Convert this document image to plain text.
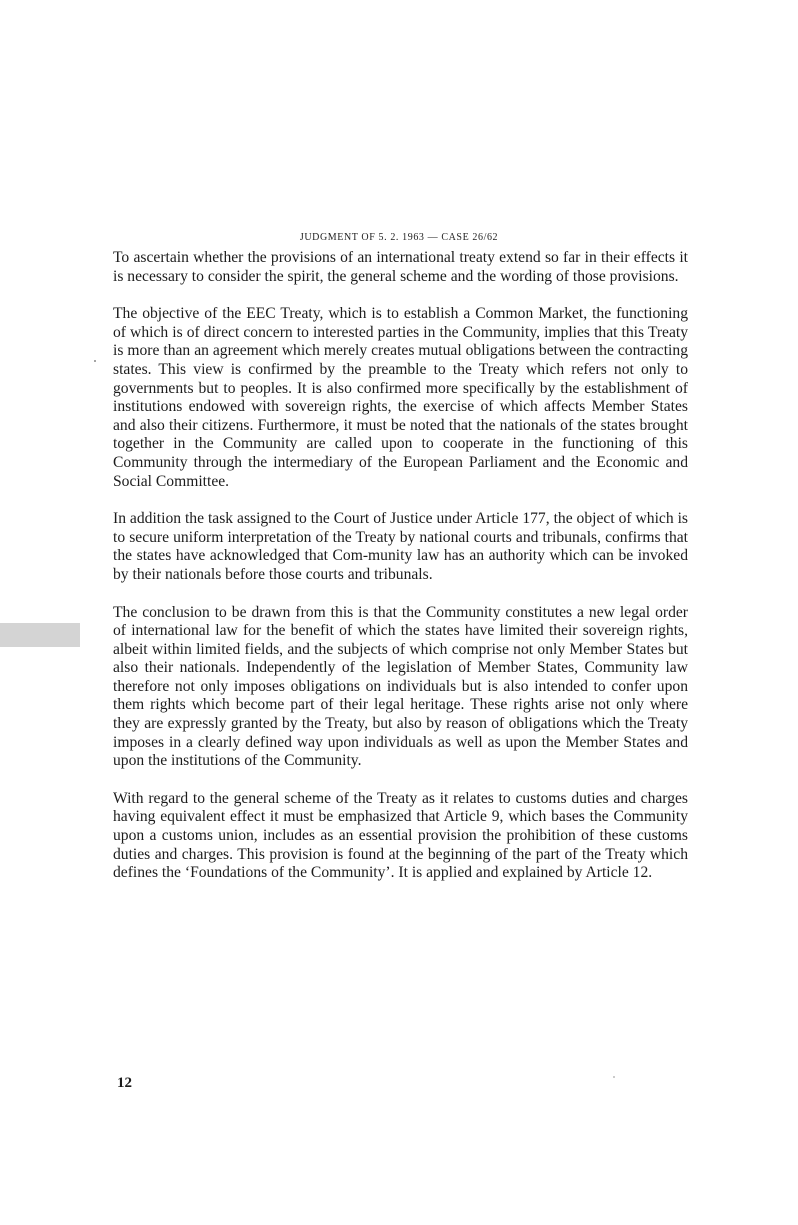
JUDGMENT OF 5. 2. 1963 — CASE 26/62

To ascertain whether the provisions of an international treaty extend so far in their effects it is necessary to consider the spirit, the general scheme and the wording of those provisions.

The objective of the EEC Treaty, which is to establish a Common Market, the functioning of which is of direct concern to interested parties in the Community, implies that this Treaty is more than an agreement which merely creates mutual obligations between the contracting states. This view is confirmed by the preamble to the Treaty which refers not only to governments but to peoples. It is also confirmed more specifically by the establishment of institutions endowed with sovereign rights, the exercise of which affects Member States and also their citizens. Furthermore, it must be noted that the nationals of the states brought together in the Community are called upon to cooperate in the functioning of this Community through the intermediary of the European Parliament and the Economic and Social Committee.

In addition the task assigned to the Court of Justice under Article 177, the object of which is to secure uniform interpretation of the Treaty by national courts and tribunals, confirms that the states have acknowledged that Com-munity law has an authority which can be invoked by their nationals before those courts and tribunals.

The conclusion to be drawn from this is that the Community constitutes a new legal order of international law for the benefit of which the states have limited their sovereign rights, albeit within limited fields, and the subjects of which comprise not only Member States but also their nationals. Independently of the legislation of Member States, Community law therefore not only imposes obligations on individuals but is also intended to confer upon them rights which become part of their legal heritage. These rights arise not only where they are expressly granted by the Treaty, but also by reason of obligations which the Treaty imposes in a clearly defined way upon individuals as well as upon the Member States and upon the institutions of the Community.

With regard to the general scheme of the Treaty as it relates to customs duties and charges having equivalent effect it must be emphasized that Article 9, which bases the Community upon a customs union, includes as an essential provision the prohibition of these customs duties and charges. This provision is found at the beginning of the part of the Treaty which defines the ‘Foundations of the Community’. It is applied and explained by Article 12.

12
